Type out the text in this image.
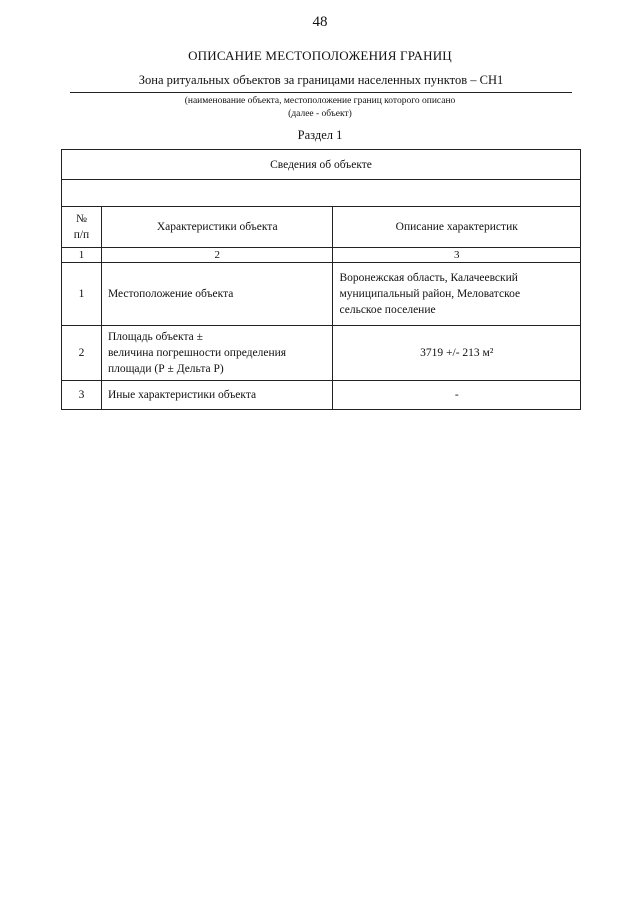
48
ОПИСАНИЕ МЕСТОПОЛОЖЕНИЯ ГРАНИЦ
Зона ритуальных объектов за границами населенных пунктов – СН1
(наименование объекта, местоположение границ которого описано
(далее - объект)
Раздел 1
Сведения об объекте		

№
п/п	Характеристики объекта	Описание характеристик
1	2	3
1	Местоположение объекта	Воронежская область, Калачеевский
муниципальный район, Меловатское
сельское поселение

2	Площадь объекта ±
величина погрешности определения
площади (Р ± Дельта Р)	3719 +/- 213 м²

3	Иные характеристики объекта	-
